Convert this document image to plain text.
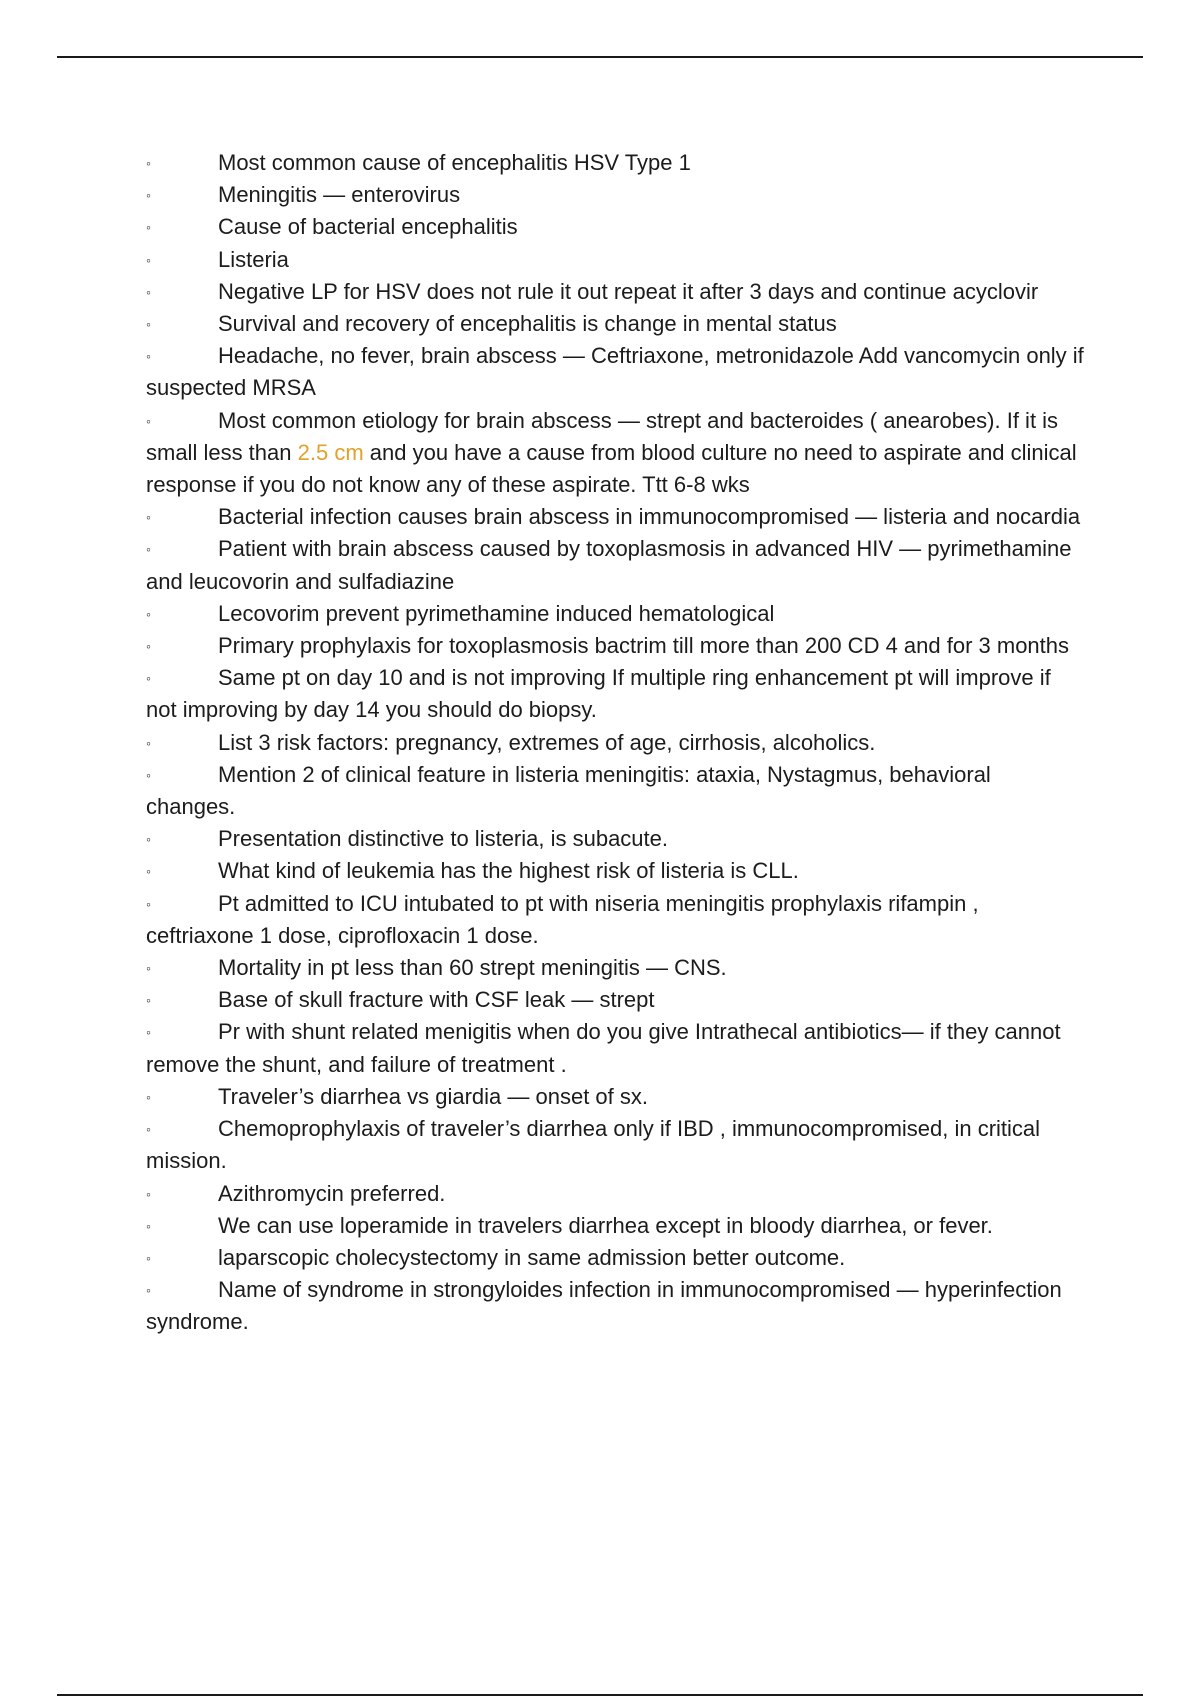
◦	Most common cause of encephalitis HSV Type 1

◦	Meningitis — enterovirus

◦	Cause of bacterial encephalitis

◦	Listeria

◦	Negative LP for HSV does not rule it out repeat it after 3 days and continue acyclovir

◦	Survival and recovery of encephalitis is change in mental status

◦	Headache, no fever, brain abscess — Ceftriaxone, metronidazole Add vancomycin only if suspected MRSA

◦	Most common etiology for brain abscess — strept and bacteroides ( anearobes). If it is small less than 2.5 cm and you have a cause from blood culture no need to aspirate and clinical response if you do not know any of these aspirate. Ttt 6-8 wks

◦	Bacterial infection causes brain abscess in immunocompromised — listeria and nocardia

◦	Patient with brain abscess caused by toxoplasmosis in advanced HIV — pyrimethamine and leucovorin and sulfadiazine

◦	Lecovorim prevent pyrimethamine induced hematological

◦	Primary prophylaxis for toxoplasmosis bactrim till more than 200 CD 4 and for 3 months

◦	Same pt on day 10 and is not improving If multiple ring enhancement pt will improve if not improving by day 14 you should do biopsy.

◦	List 3 risk factors: pregnancy, extremes of age, cirrhosis, alcoholics.

◦	Mention 2 of clinical feature in listeria meningitis: ataxia, Nystagmus, behavioral changes.

◦	Presentation distinctive to listeria, is subacute.

◦	What kind of leukemia has the highest risk of listeria is CLL.

◦	Pt admitted to ICU intubated to pt with niseria meningitis prophylaxis rifampin , ceftriaxone 1 dose, ciprofloxacin 1 dose.

◦	Mortality in pt less than 60 strept meningitis — CNS.

◦	Base of skull fracture with CSF leak — strept

◦	Pr with shunt related menigitis when do you give Intrathecal antibiotics— if they cannot remove the shunt, and failure of treatment .

◦	Traveler’s diarrhea vs giardia — onset of sx.

◦	Chemoprophylaxis of traveler’s diarrhea only if IBD , immunocompromised, in critical mission.

◦	Azithromycin preferred.

◦	We can use loperamide in travelers diarrhea except in bloody diarrhea, or fever.

◦	laparscopic cholecystectomy in same admission better outcome.

◦	Name of syndrome in strongyloides infection in immunocompromised — hyperinfection syndrome.
